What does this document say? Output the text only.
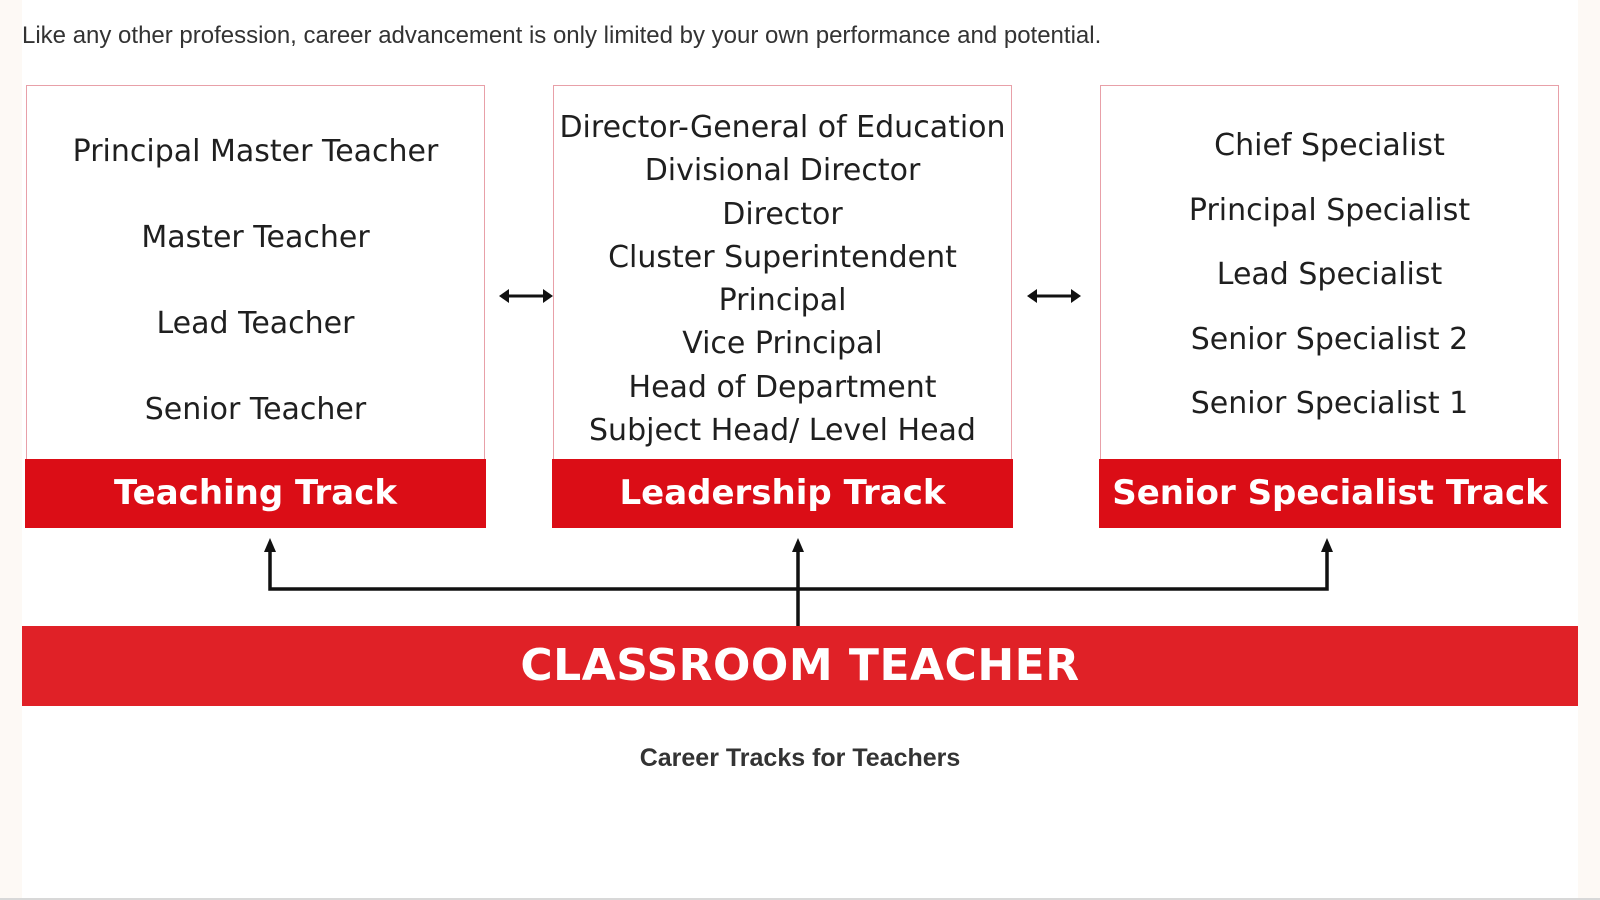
Like any other profession, career advancement is only limited by your own performance and potential.
Principal Master Teacher
Master Teacher
Lead Teacher
Senior Teacher
Teaching Track
Director-General of Education
Divisional Director
Director
Cluster Superintendent
Principal
Vice Principal
Head of Department
Subject Head/ Level Head
Leadership Track
Chief Specialist
Principal Specialist
Lead Specialist
Senior Specialist 2
Senior Specialist 1
Senior Specialist Track
CLASSROOM TEACHER
Career Tracks for Teachers
